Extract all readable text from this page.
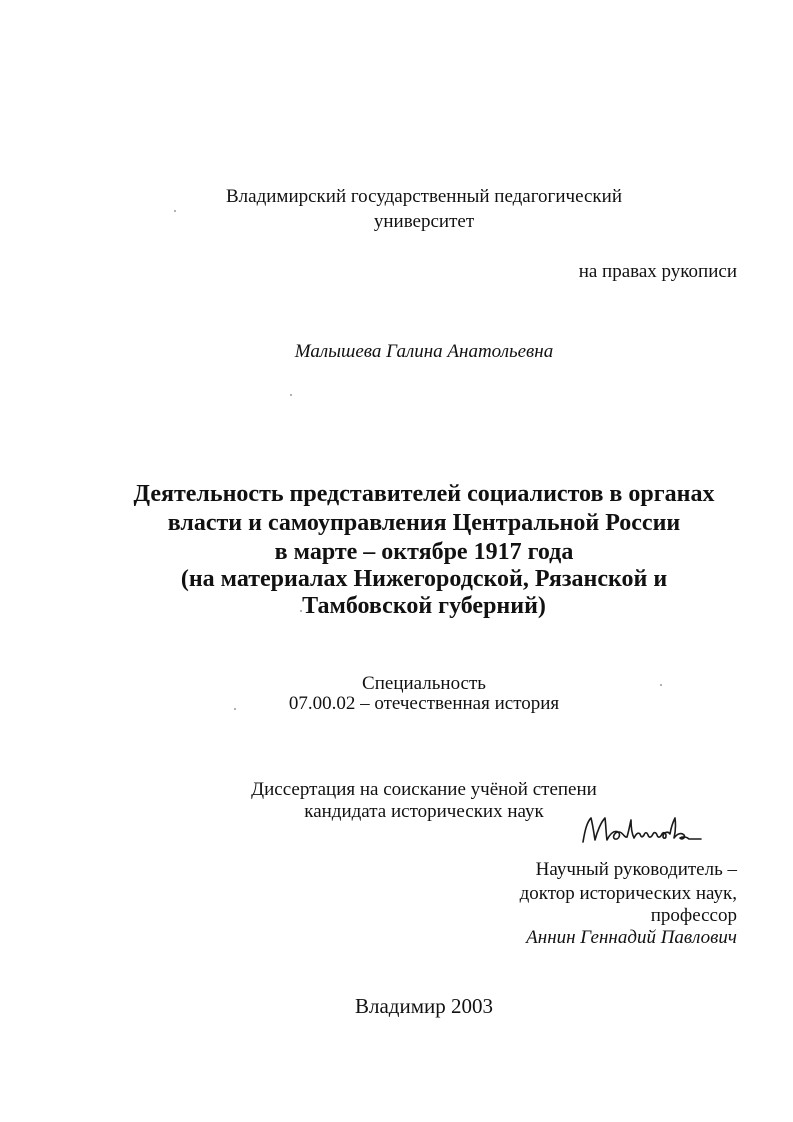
Владимирский государственный педагогический
университет
на правах рукописи
Малышева Галина Анатольевна
Деятельность представителей социалистов в органах
власти и самоуправления Центральной России
в марте – октябре 1917 года
(на материалах Нижегородской, Рязанской и
Тамбовской губерний)
Специальность
07.00.02 – отечественная история
Диссертация на соискание учёной степени
кандидата исторических наук
Научный руководитель –
доктор исторических наук,
профессор
Аннин Геннадий Павлович
Владимир 2003
